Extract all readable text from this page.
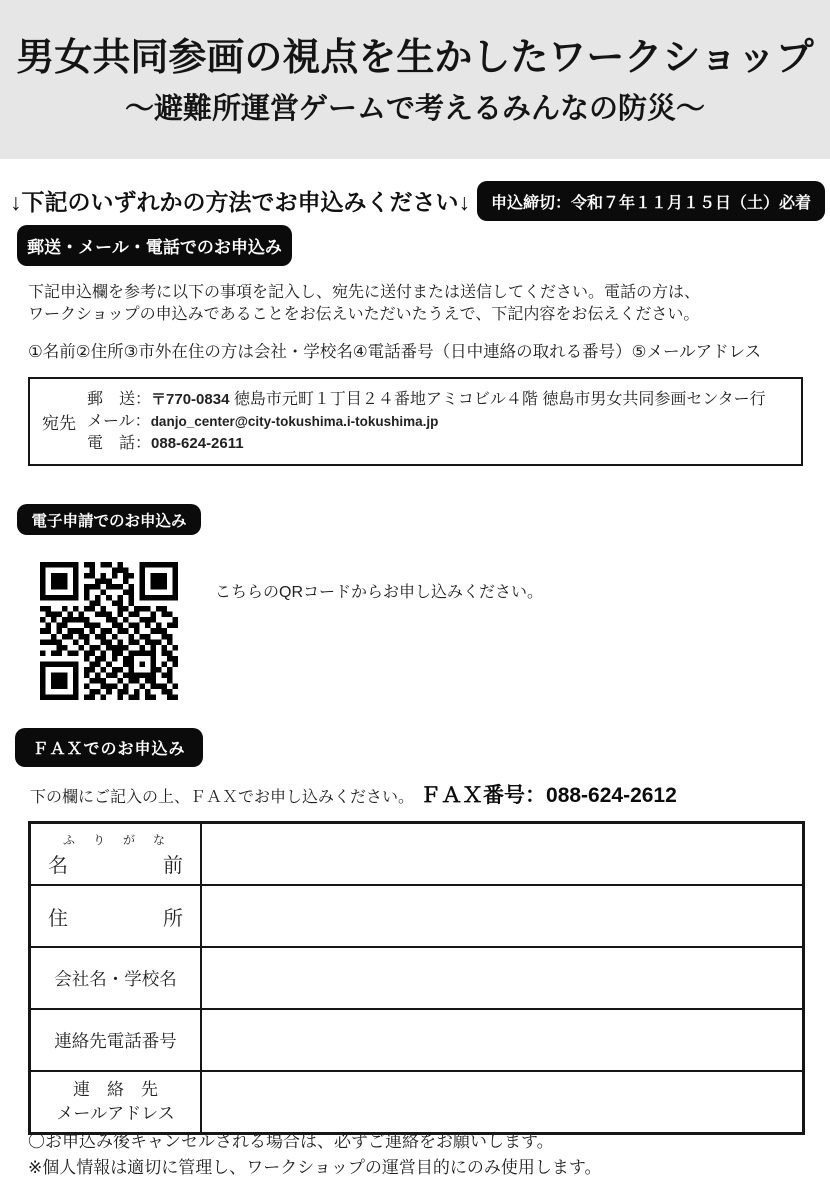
男女共同参画の視点を生かしたワークショップ
～避難所運営ゲームで考えるみんなの防災～
↓下記のいずれかの方法でお申込みください↓	申込締切：令和７年１１月１５日（土）必着
郵送・メール・電話でのお申込み
下記申込欄を参考に以下の事項を記入し、宛先に送付または送信してください。電話の方は、
ワークショップの申込みであることをお伝えいただいたうえで、下記内容をお伝えください。
①名前②住所③市外在住の方は会社・学校名④電話番号（日中連絡の取れる番号）⑤メールアドレス
宛先
郵　送：〒770-0834 徳島市元町１丁目２４番地アミコビル４階 徳島市男女共同参画センター行
メール：danjo_center@city-tokushima.i-tokushima.jp
電　話：088-624-2611
電子申請でのお申込み
こちらのQRコードからお申し込みください。
ＦＡＸでのお申込み
下の欄にご記入の上、ＦＡＸでお申し込みください。 ＦＡＸ番号：088-624-2612
ふ　り　が　な
名 前	

住 所	

会社名・学校名	

連絡先電話番号	

連　絡　先
メールアドレス	

〇お申込み後キャンセルされる場合は、必ずご連絡をお願いします。
※個人情報は適切に管理し、ワークショップの運営目的にのみ使用します。
